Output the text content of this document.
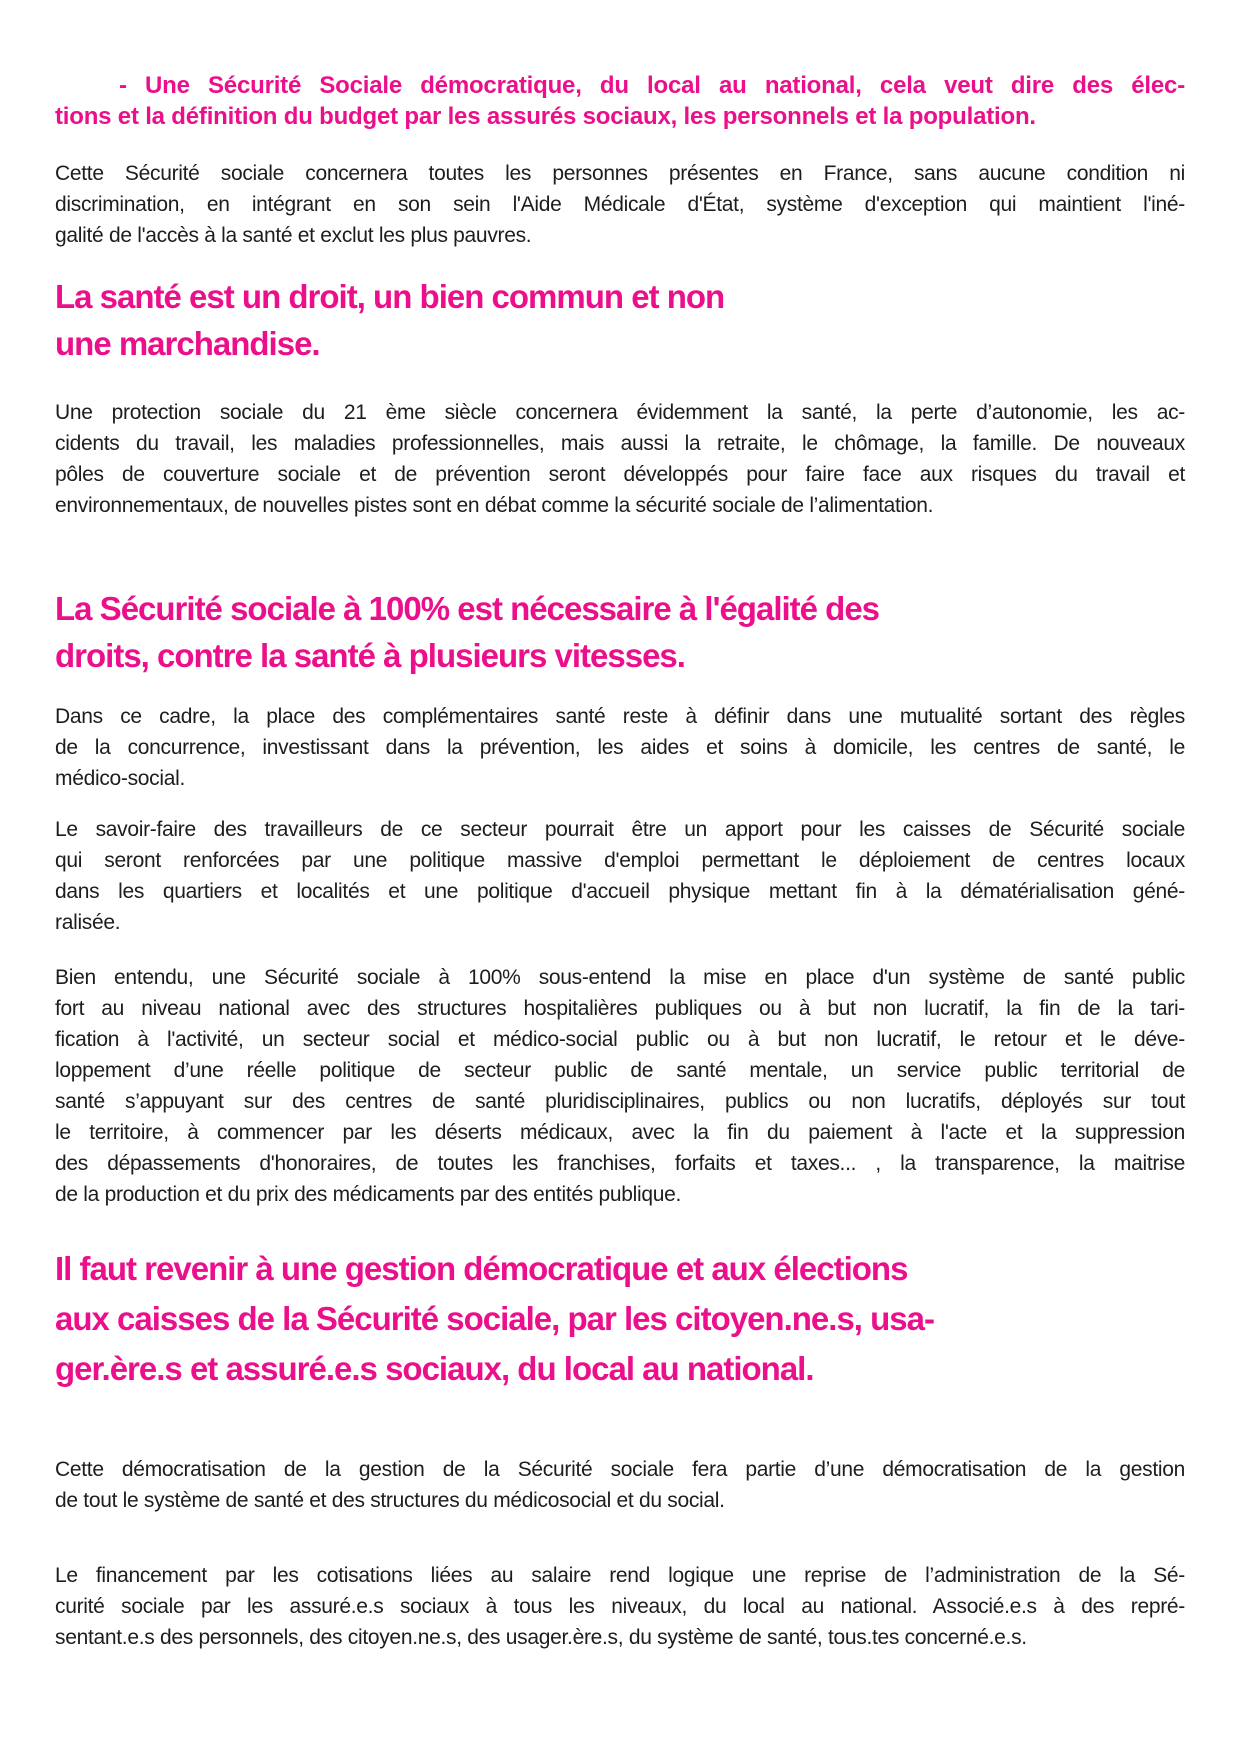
- Une Sécurité Sociale démocratique, du local au national, cela veut dire des élec-
tions et la définition du budget par les assurés sociaux, les personnels et la population.
Cette Sécurité sociale concernera toutes les personnes présentes en France, sans aucune condition ni
discrimination, en intégrant en son sein l'Aide Médicale d'État, système d'exception qui maintient l'iné-
galité de l'accès à la santé et exclut les plus pauvres.
La santé est un droit, un bien commun et non
une marchandise.
Une protection sociale du 21 ème siècle concernera évidemment la santé, la perte d’autonomie, les ac-
cidents du travail, les maladies professionnelles, mais aussi la retraite, le chômage, la famille. De nouveaux
pôles de couverture sociale et de prévention seront développés pour faire face aux risques du travail et
environnementaux, de nouvelles pistes sont en débat comme la sécurité sociale de l’alimentation.
La Sécurité sociale à 100% est nécessaire à l'égalité des
droits, contre la santé à plusieurs vitesses.
Dans ce cadre, la place des complémentaires santé reste à définir dans une mutualité sortant des règles
de la concurrence, investissant dans la prévention, les aides et soins à domicile, les centres de santé, le
médico-social.
Le savoir-faire des travailleurs de ce secteur pourrait être un apport pour les caisses de Sécurité sociale
qui seront renforcées par une politique massive d'emploi permettant le déploiement de centres locaux
dans les quartiers et localités et une politique d'accueil physique mettant fin à la dématérialisation géné-
ralisée.
Bien entendu, une Sécurité sociale à 100% sous-entend la mise en place d'un système de santé public
fort au niveau national avec des structures hospitalières publiques ou à but non lucratif, la fin de la tari-
fication à l'activité, un secteur social et médico-social public ou à but non lucratif, le retour et le déve-
loppement d’une réelle politique de secteur public de santé mentale, un service public territorial de
santé s’appuyant sur des centres de santé pluridisciplinaires, publics ou non lucratifs, déployés sur tout
le territoire, à commencer par les déserts médicaux, avec la fin du paiement à l'acte et la suppression
des dépassements d'honoraires, de toutes les franchises, forfaits et taxes... , la transparence, la maitrise
de la production et du prix des médicaments par des entités publique.
Il faut revenir à une gestion démocratique et aux élections
aux caisses de la Sécurité sociale, par les citoyen.ne.s, usa-
ger.ère.s et assuré.e.s sociaux, du local au national.
Cette démocratisation de la gestion de la Sécurité sociale fera partie d’une démocratisation de la gestion
de tout le système de santé et des structures du médicosocial et du social.
Le financement par les cotisations liées au salaire rend logique une reprise de l’administration de la Sé-
curité sociale par les assuré.e.s sociaux à tous les niveaux, du local au national. Associé.e.s à des repré-
sentant.e.s des personnels, des citoyen.ne.s, des usager.ère.s, du système de santé, tous.tes concerné.e.s.
